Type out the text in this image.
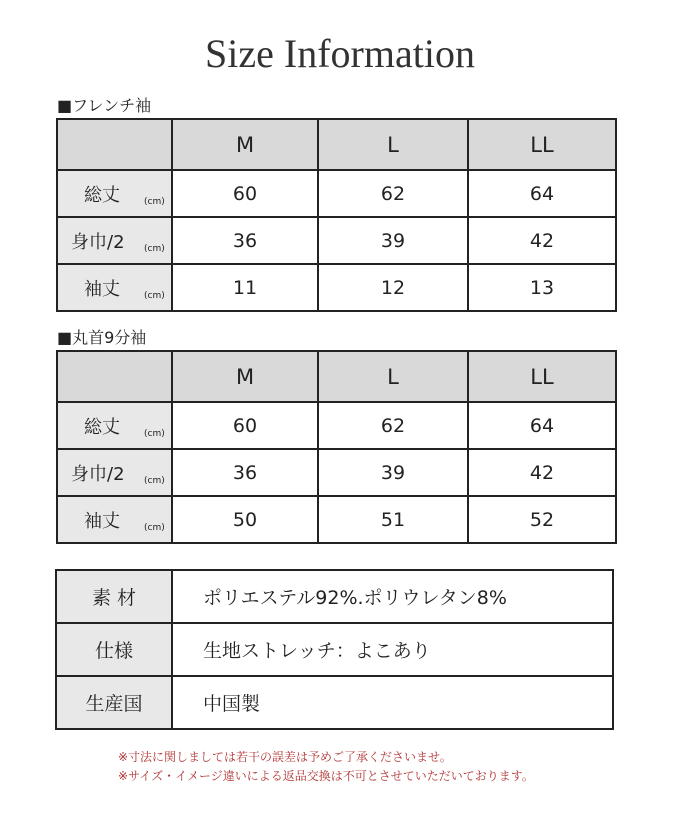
Size Information
■フレンチ袖
	M	L	LL

総丈 (cm)	60	62	64

身巾/2 (cm)	36	39	42

袖丈 (cm)	11	12	13
■丸首9分袖
	M	L	LL

総丈 (cm)	60	62	64

身巾/2 (cm)	36	39	42

袖丈 (cm)	50	51	52
素 材	ポリエステル92%.ポリウレタン8%
仕様	生地ストレッチ：よこあり
生産国	中国製
※寸法に関しましては若干の誤差は予めご了承くださいませ。
※サイズ・イメージ違いによる返品交換は不可とさせていただいております。
